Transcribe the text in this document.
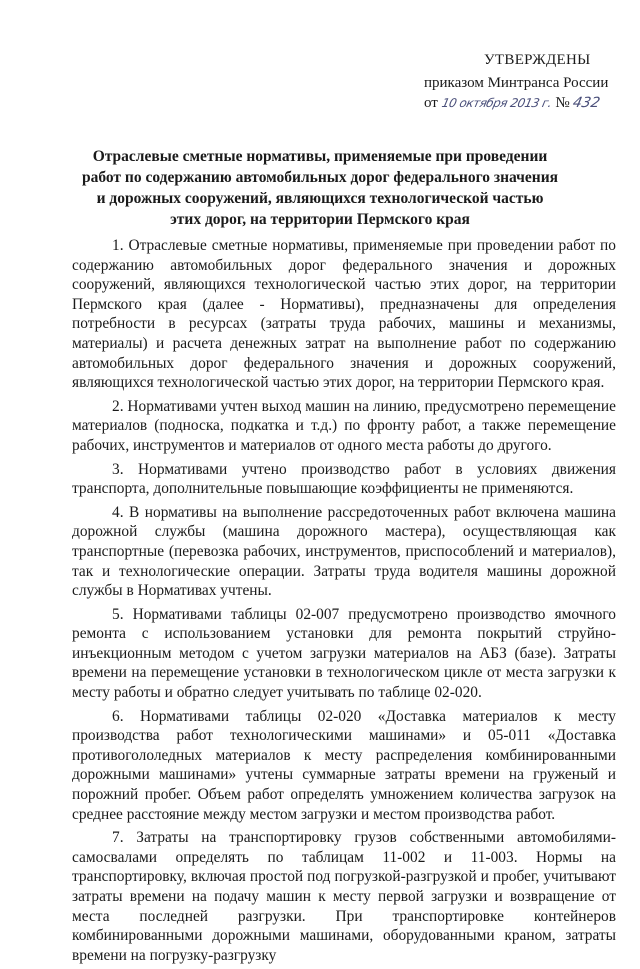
УТВЕРЖДЕНЫ
приказом Минтранса России
от 10 октября 2013 г. № 432
Отраслевые сметные нормативы, применяемые при проведении работ по содержанию автомобильных дорог федерального значения и дорожных сооружений, являющихся технологической частью этих дорог, на территории Пермского края

1. Отраслевые сметные нормативы, применяемые при проведении работ по содержанию автомобильных дорог федерального значения и дорожных сооружений, являющихся технологической частью этих дорог, на территории Пермского края (далее - Нормативы), предназначены для определения потребности в ресурсах (затраты труда рабочих, машины и механизмы, материалы) и расчета денежных затрат на выполнение работ по содержанию автомобильных дорог федерального значения и дорожных сооружений, являющихся технологической частью этих дорог, на территории Пермского края.

2. Нормативами учтен выход машин на линию, предусмотрено перемещение материалов (подноска, подкатка и т.д.) по фронту работ, а также перемещение рабочих, инструментов и материалов от одного места работы до другого.

3. Нормативами учтено производство работ в условиях движения транспорта, дополнительные повышающие коэффициенты не применяются.

4. В нормативы на выполнение рассредоточенных работ включена машина дорожной службы (машина дорожного мастера), осуществляющая как транспортные (перевозка рабочих, инструментов, приспособлений и материалов), так и технологические операции. Затраты труда водителя машины дорожной службы в Нормативах учтены.

5. Нормативами таблицы 02-007 предусмотрено производство ямочного ремонта с использованием установки для ремонта покрытий струйно-инъекционным методом с учетом загрузки материалов на АБЗ (базе). Затраты времени на перемещение установки в технологическом цикле от места загрузки к месту работы и обратно следует учитывать по таблице 02-020.

6. Нормативами таблицы 02-020 «Доставка материалов к месту производства работ технологическими машинами» и 05-011 «Доставка противогололедных материалов к месту распределения комбинированными дорожными машинами» учтены суммарные затраты времени на груженый и порожний пробег. Объем работ определять умножением количества загрузок на среднее расстояние между местом загрузки и местом производства работ.

7. Затраты на транспортировку грузов собственными автомобилями-самосвалами определять по таблицам 11-002 и 11-003. Нормы на транспортировку, включая простой под погрузкой-разгрузкой и пробег, учитывают затраты времени на подачу машин к месту первой загрузки и возвращение от места последней разгрузки. При транспортировке контейнеров комбинированными дорожными машинами, оборудованными краном, затраты времени на погрузку-разгрузку
